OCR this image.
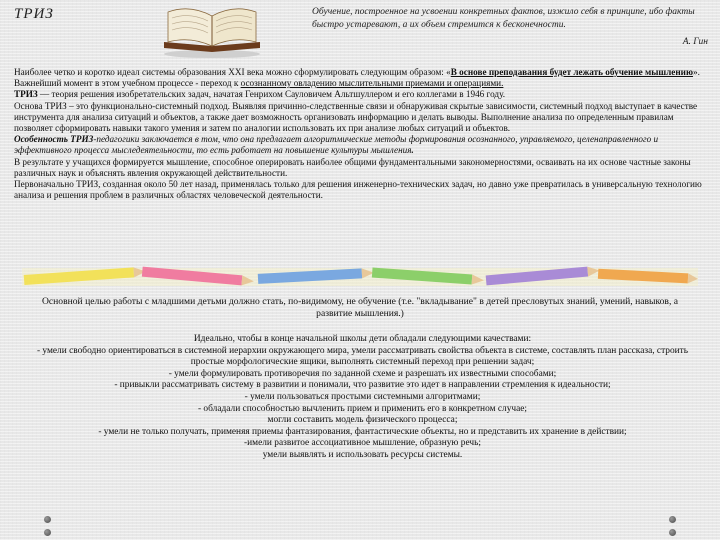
ТРИЗ	Обучение, построенное на усвоении конкретных фактов, изжило себя в принципе, ибо факты быстро устаревают, а их объем стремится к бесконечности.
А. Гин

Наиболее четко и коротко идеал системы образования XXI века можно сформулировать следующим образом: «В основе преподавания будет лежать обучение мышлению».

Важнейший момент в этом учебном процессе - переход к осознанному овладению мыслительными приемами и операциями.

ТРИЗ — теория решения изобретательских задач, начатая Генрихом Сауловичем Альтшуллером и его коллегами в 1946 году.

Основа ТРИЗ – это функционально-системный подход. Выявляя причинно-следственные связи и обнаруживая скрытые зависимости, системный подход выступает в качестве инструмента для анализа ситуаций и объектов, а также дает возможность организовать информацию и делать выводы. Выполнение анализа по определенным правилам позволяет сформировать навыки такого умения и затем по аналогии использовать их при анализе любых ситуаций и объектов.

Особенность ТРИЗ-педагогики заключается в том, что она предлагает алгоритмические методы формирования осознанного, управляемого, целенаправленного и эффективного процесса мыследеятельности, то есть работает на повышение культуры мышления.

В результате у учащихся формируется мышление, способное оперировать наиболее общими фундаментальными закономерностями, осваивать на их основе частные законы различных наук и объяснять явления окружающей действительности.

Первоначально ТРИЗ, созданная около 50 лет назад, применялась только для решения инженерно-технических задач, но давно уже превратилась в универсальную технологию анализа и решения проблем в различных областях человеческой деятельности.

Основной целью работы с младшими детьми должно стать, по-видимому, не обучение (т.е. "вкладывание" в детей пресловутых знаний, умений, навыков, а развитие мышления.)

Идеально, чтобы в конце начальной школы дети обладали следующими качествами:

- умели свободно ориентироваться в системной иерархии окружающего мира, умели рассматривать свойства объекта в системе, составлять план рассказа, строить простые морфологические ящики, выполнять системный переход при решении задач;

- умели формулировать противоречия по заданной схеме и разрешать их известными способами;

- привыкли рассматривать систему в развитии и понимали, что развитие это идет в направлении стремления к идеальности;

- умели пользоваться простыми системными алгоритмами;

- обладали способностью вычленить прием и применить его в конкретном случае;

могли составить модель физического процесса;

- умели не только получать, применяя приемы фантазирования, фантастические объекты, но и представить их хранение в действии;

-имели развитое ассоциативное мышление, образную речь;

умели выявлять и использовать ресурсы системы.
